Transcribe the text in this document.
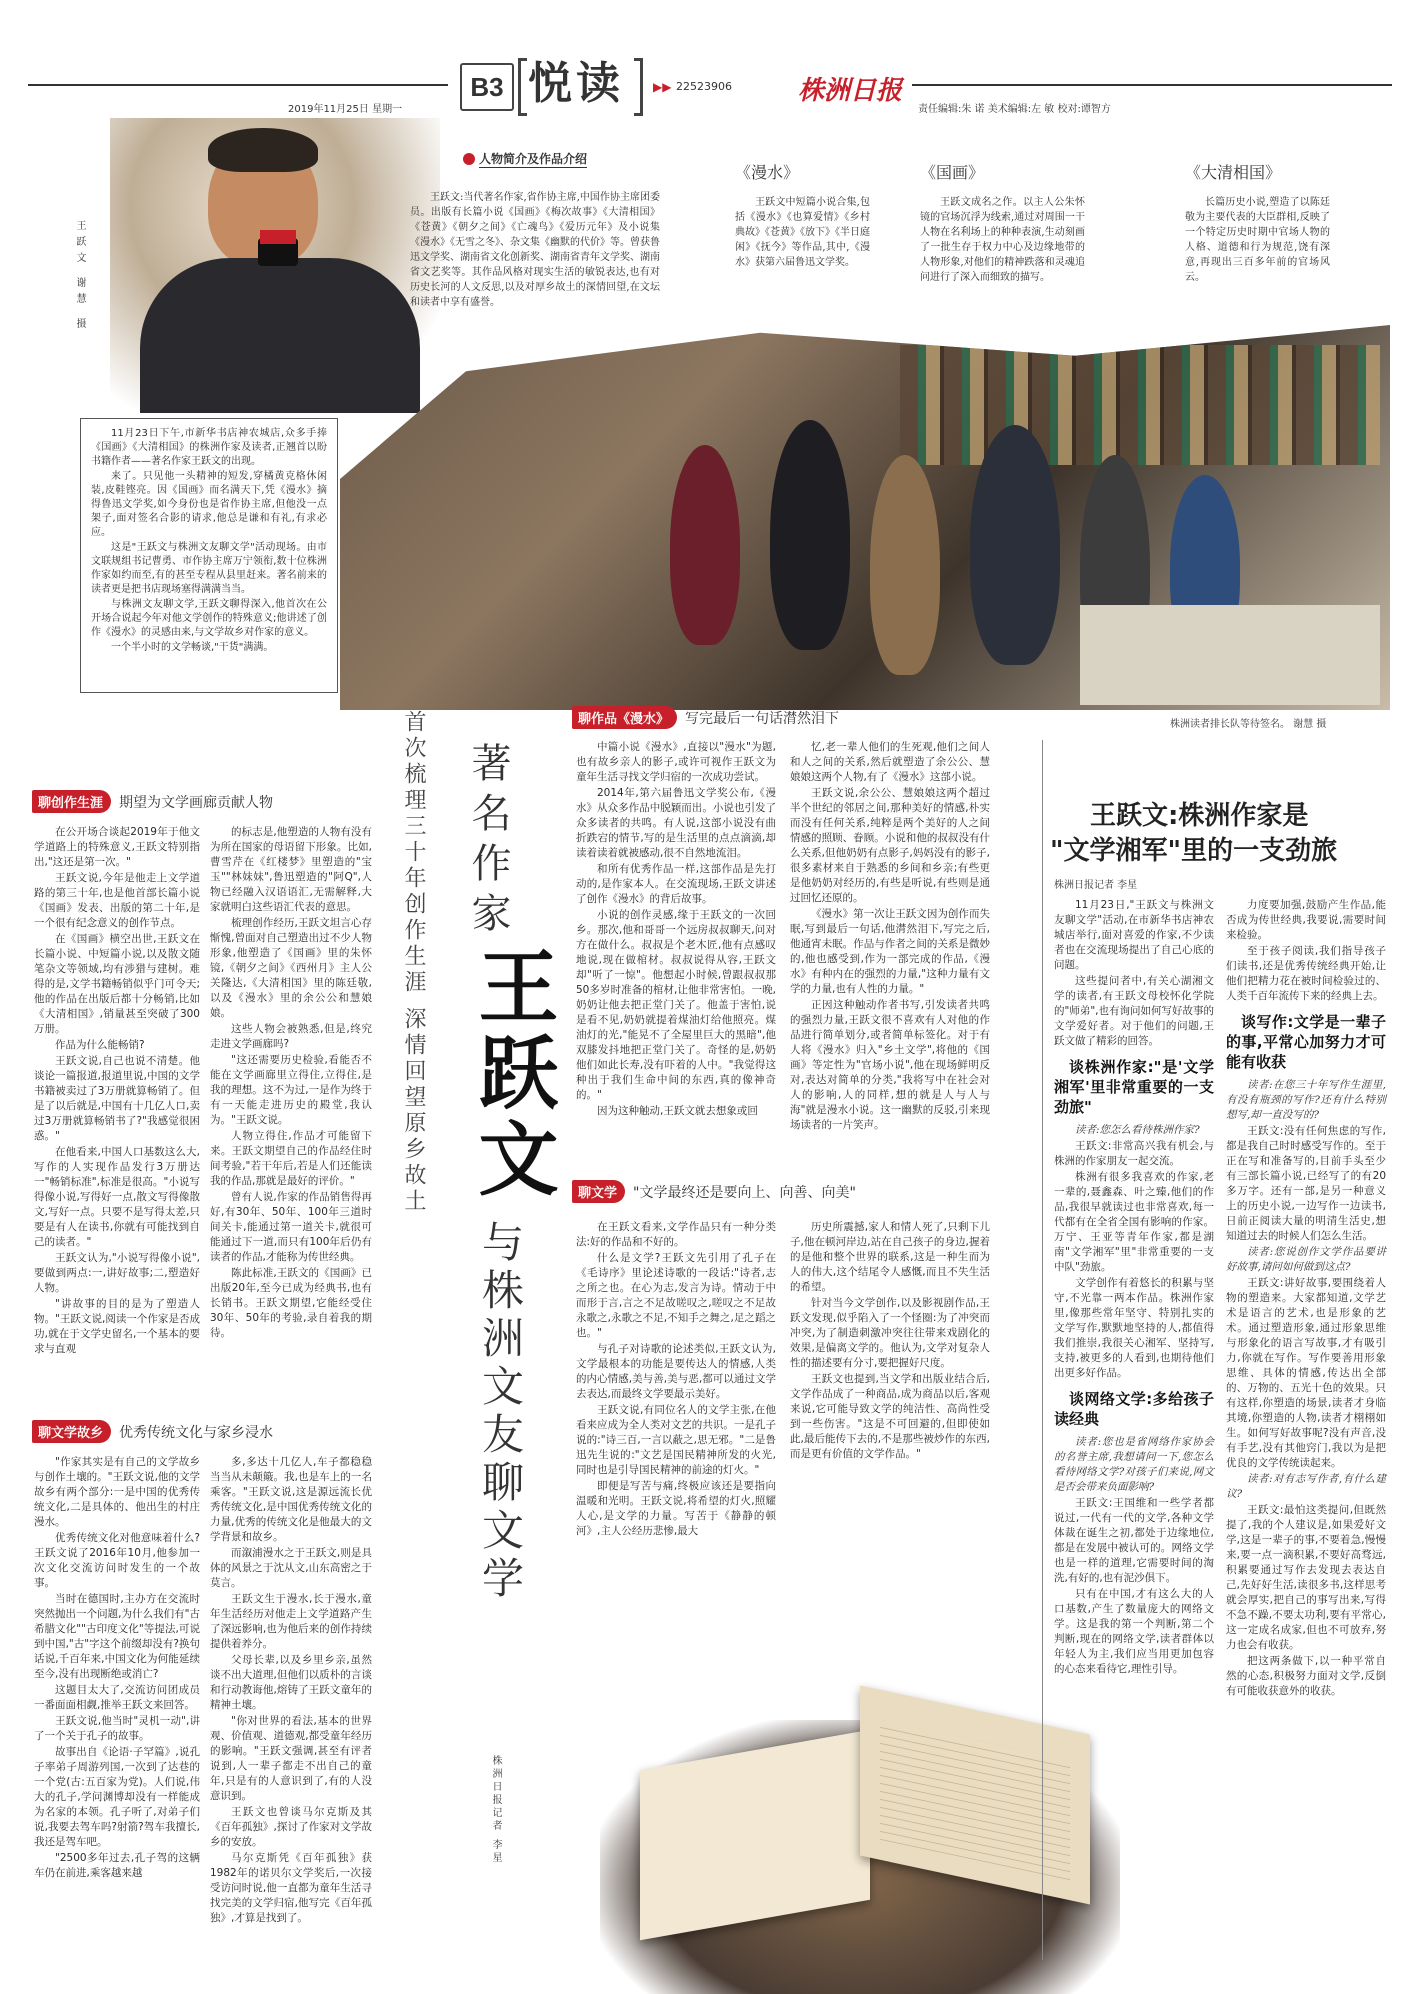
B3 悦读 ▶▶ 22523906	株洲日报
2019年11月25日 星期一	责任编辑:朱 诺 美术编辑:左 敏 校对:谭智方
王跃文 谢慧 摄
人物简介及作品介绍
王跃文:当代著名作家,省作协主席,中国作协主席团委员。出版有长篇小说《国画》《梅次故事》《大清相国》《苍黄》《朝夕之间》《亡魂鸟》《爱历元年》及小说集《漫水》《无雪之冬》、杂文集《幽默的代价》等。曾获鲁迅文学奖、湖南省文化创新奖、湖南省青年文学奖、湖南省文艺奖等。其作品风格对现实生活的敏锐表达,也有对历史长河的人文反思,以及对厚乡故土的深情回望,在文坛和读者中享有盛誉。
《漫水》
王跃文中短篇小说合集,包括《漫水》《也算爱情》《乡村典故》《苍黄》《放下》《半日庭闲》《抚今》等作品,其中,《漫水》获第六届鲁迅文学奖。
《国画》
王跃文成名之作。以主人公朱怀镜的官场沉浮为线索,通过对周围一干人物在名利场上的种种表演,生动刻画了一批生存于权力中心及边缘地带的人物形象,对他们的精神跌落和灵魂追问进行了深入而细致的描写。
《大清相国》
长篇历史小说,塑造了以陈廷敬为主要代表的大臣群相,反映了一个特定历史时期中官场人物的人格、道德和行为规范,饶有深意,再现出三百多年前的官场风云。
株洲读者排长队等待签名。 谢慧 摄

11月23日下午,市新华书店神农城店,众多手捧《国画》《大清相国》的株洲作家及读者,正翘首以盼书籍作者——著名作家王跃文的出现。

来了。只见他一头精神的短发,穿橘黄克格休闲装,皮鞋铿亮。因《国画》而名满天下,凭《漫水》摘得鲁迅文学奖,如今身份也是省作协主席,但他没一点架子,面对签名合影的请求,他总是谦和有礼,有求必应。

这是"王跃文与株洲文友聊文学"活动现场。由市文联规组书记曹勇、市作协主席万宁领衔,数十位株洲作家如约而至,有的甚至专程从县里赶来。著名前来的读者更是把书店现场塞得满满当当。

与株洲文友聊文学,王跃文聊得深入,他首次在公开场合说起今年对他文学创作的特殊意义;他讲述了创作《漫水》的灵感由来,与文学故乡对作家的意义。

一个半小时的文学畅谈,"干货"满满。

首次梳理三十年创作生涯 深情回望原乡故土 著名作家
王跃文
与株洲文友聊文学
株洲日报记者 李星
聊创作生涯	期望为文学画廊贡献人物

在公开场合谈起2019年于他文学道路上的特殊意义,王跃文特别指出,"这还是第一次。"

王跃文说,今年是他走上文学道路的第三十年,也是他首部长篇小说《国画》发表、出版的第二十年,是一个很有纪念意义的创作节点。

在《国画》横空出世,王跃文在长篇小说、中短篇小说,以及散文随笔杂文等领域,均有涉猎与建树。难得的是,文学书籍畅销似乎门可令天;他的作品在出版后都十分畅销,比如《大清相国》,销量甚至突破了300万册。

作品为什么能畅销?

王跃文说,自己也说不清楚。他谈论一篇报道,报道里说,中国的文学书籍被卖过了3万册就算畅销了。但是了以后就是,中国有十几亿人口,卖过3万册就算畅销书了?"我感觉很困惑。"

在他看来,中国人口基数这么大,写作的人实现作品发行3万册达一"畅销标准",标准是很高。"小说写得像小说,写得好一点,散文写得像散文,写好一点。只要不是写得太差,只要是有人在读书,你就有可能找到自己的读者。"

王跃文认为,"小说写得像小说",要做到两点:一,讲好故事;二,塑造好人物。

"讲故事的目的是为了塑造人物。"王跃文说,阅读一个作家是否成功,就在于文学史留名,一个基本的要求与直观

的标志是,他塑造的人物有没有为所在国家的母语留下形象。比如,曹雪芹在《红楼梦》里塑造的"宝玉""林妹妹",鲁迅塑造的"阿Q",人物已经融入汉语语汇,无需解释,大家就明白这些语汇代表的意思。

梳理创作经历,王跃文坦言心存惭愧,曾面对自己塑造出过不少人物形象,他塑造了《国画》里的朱怀镜,《朝夕之间》《西州月》主人公关隆达,《大清相国》里的陈廷敬,以及《漫水》里的余公公和慧娘娘。

这些人物会被熟悉,但是,终究走进文学画廊吗?

"这还需要历史检验,看能否不能在文学画廊里立得住,立得住,是我的理想。这不为过,一是作为终于有一天能走进历史的殿堂,我认为。"王跃文说。

人物立得住,作品才可能留下来。王跃文期望自己的作品经住时间考验,"若干年后,若是人们还能读我的作品,那就是最好的评价。"

曾有人说,作家的作品销售得再好,有30年、50年、100年三道时间关卡,能通过第一道关卡,就很可能通过下一道,而只有100年后仍有读者的作品,才能称为传世经典。

陈此标准,王跃文的《国画》已出版20年,至今已成为经典书,也有长销书。王跃文期望,它能经受住30年、50年的考验,录自着我的期待。

聊文学故乡	优秀传统文化与家乡浸水

"作家其实是有自己的文学故乡与创作土壤的。"王跃文说,他的文学故乡有两个部分:一是中国的优秀传统文化,二是具体的、他出生的村庄漫水。

优秀传统文化对他意味着什么?王跃文说了2016年10月,他参加一次文化交流访问时发生的一个故事。

当时在德国时,主办方在交流时突然抛出一个问题,为什么我们有"古希腊文化""古印度文化"等提法,可说到中国,"古"字这个前缀却没有?换句话说,千百年来,中国文化为何能延续至今,没有出现断绝或消亡?

这题目太大了,交流访问团成员一番面面相觑,推举王跃文来回答。

王跃文说,他当时"灵机一动",讲了一个关于孔子的故事。

故事出自《论语·子罕篇》,说孔子率弟子周游列国,一次到了达巷的一个党(古:五百家为党)。人们说,伟大的孔子,学问渊博却没有一样能成为名家的本领。孔子听了,对弟子们说,我要去驾车吗?射箭?驾车我擅长,我还是驾车吧。

"2500多年过去,孔子驾的这辆车仍在前进,乘客越来越

多,多达十几亿人,车子都稳稳当当从未颠簸。我,也是车上的一名乘客。"王跃文说,这是源远流长优秀传统文化,是中国优秀传统文化的力量,优秀的传统文化是他最大的文学背景和故乡。

而溆浦漫水之于王跃文,则是具体的风景之于沈从文,山东高密之于莫言。

王跃文生于漫水,长于漫水,童年生活经历对他走上文学道路产生了深远影响,也为他后来的创作持续提供着养分。

父母长辈,以及乡里乡亲,虽然谈不出大道理,但他们以质朴的言谈和行动教诲他,熔铸了王跃文童年的精神土壤。

"你对世界的看法,基本的世界观、价值观、道德观,都受童年经历的影响。"王跃文强调,甚至有评者说到,人一辈子都走不出自己的童年,只是有的人意识到了,有的人没意识到。

王跃文也曾谈马尔克斯及其《百年孤独》,探讨了作家对文学故乡的安放。

马尔克斯凭《百年孤独》获1982年的诺贝尔文学奖后,一次接受访问时说,他一直都为童年生活寻找完美的文学归宿,他写完《百年孤独》,才算是找到了。

聊作品《漫水》	写完最后一句话潸然泪下

中篇小说《漫水》,直接以"漫水"为题,也有故乡亲人的影子,或许可视作王跃文为童年生活寻找文学归宿的一次成功尝试。

2014年,第六届鲁迅文学奖公布,《漫水》从众多作品中脱颖而出。小说也引发了众多读者的共鸣。有人说,这部小说没有曲折跌宕的情节,写的是生活里的点点滴滴,却读着读着就被感动,很不自然地流泪。

和所有优秀作品一样,这部作品是先打动的,是作家本人。在交流现场,王跃文讲述了创作《漫水》的背后故事。

小说的创作灵感,缘于王跃文的一次回乡。那次,他和哥哥一个远房叔叔聊天,问对方在做什么。叔叔是个老木匠,他有点感叹地说,现在做棺材。叔叔说得从容,王跃文却"听了一惊"。他想起小时候,曾跟叔叔那50多岁时准备的棺材,让他非常害怕。一晚,奶奶让他去把正堂门关了。他盖于害怕,说是看不见,奶奶就提着煤油灯给他照亮。煤油灯的光,"能晃不了全屋里巨大的黑暗",他双膝发抖地把正堂门关了。奇怪的是,奶奶他们如此长寿,没有吓着的人中。"我觉得这种出于我们生命中间的东西,真的像神奇的。"

因为这种触动,王跃文就去想象或回

忆,老一辈人他们的生死观,他们之间人和人之间的关系,然后就塑造了余公公、慧娘娘这两个人物,有了《漫水》这部小说。

王跃文说,余公公、慧娘娘这两个超过半个世纪的邻居之间,那种美好的情感,朴实而没有任何关系,纯粹是两个美好的人之间情感的照顾、眷顾。小说和他的叔叔没有什么关系,但他奶奶有点影子,妈妈没有的影子,很多素材来自于熟悉的乡间和乡亲;有些更是他奶奶对经历的,有些是听说,有些则是通过回忆还原的。

《漫水》第一次让王跃文因为创作而失眠,写到最后一句话,他潸然泪下,写完之后,他通宵未眠。作品与作者之间的关系是微妙的,他也感受到,作为一部完成的作品,《漫水》有种内在的强烈的力量,"这种力量有文学的力量,也有人性的力量。"

正因这种触动作者书写,引发读者共鸣的强烈力量,王跃文很不喜欢有人对他的作品进行简单划分,或者简单标签化。对于有人将《漫水》归入"乡土文学",将他的《国画》等定性为"官场小说",他在现场鲜明反对,表达对简单的分类,"我将写中在社会对人的影响,人的同样,想的就是人与人与海"就是漫水小说。这一幽默的反驳,引来现场读者的一片笑声。

聊文学	"文学最终还是要向上、向善、向美"

在王跃文看来,文学作品只有一种分类法:好的作品和不好的。

什么是文学?王跃文先引用了孔子在《毛诗序》里论述诗歌的一段话:"诗者,志之所之也。在心为志,发言为诗。情动于中而形于言,言之不足故嗟叹之,嗟叹之不足故永歌之,永歌之不足,不知手之舞之,足之蹈之也。"

与孔子对诗歌的论述类似,王跃文认为,文学最根本的功能是要传达人的情感,人类的内心情感,美与善,美与恶,都可以通过文学去表达,而最终文学要最示美好。

王跃文说,有同位名人的文学主张,在他看来应成为全人类对文艺的共识。一是孔子说的:"诗三百,一言以蔽之,思无邪。"二是鲁迅先生说的:"文艺是国民精神所发的火光,同时也是引导国民精神的前途的灯火。"

即便是写苦与痛,终极应该还是要指向温暖和光明。王跃文说,将希望的灯火,照耀人心,是文学的力量。写苦于《静静的顿河》,主人公经历悲惨,最大

历史所震撼,家人和情人死了,只剩下儿子,他在顿河岸边,站在自己孩子的身边,握着的是他和整个世界的联系,这是一种生而为人的伟大,这个结尾令人感慨,而且不失生活的希望。

针对当今文学创作,以及影视剧作品,王跃文发现,似乎陷入了一个怪圈:为了冲突而冲突,为了制造刺激冲突往往带来戏剧化的效果,是偏离文学的。他认为,文学对复杂人性的描述要有分寸,要把握好尺度。

王跃文也提到,当文学和出版业结合后,文学作品成了一种商品,成为商品以后,客观来说,它可能导致文学的纯洁性、高尚性受到一些伤害。"这是不可回避的,但即使如此,最后能传下去的,不是那些被炒作的东西,而是更有价值的文学作品。"

王跃文:株洲作家是
"文学湘军"里的一支劲旅
株洲日报记者 李星

11月23日,"王跃文与株洲文友聊文学"活动,在市新华书店神农城店举行,面对喜爱的作家,不少读者也在交流现场提出了自己心底的问题。

这些提问者中,有关心湖湘文学的读者,有王跃文母校怀化学院的"师弟",也有询问如何写好故事的文学爱好者。对于他们的问题,王跃文做了精彩的回答。

谈株洲作家:"是'文学湘军'里非常重要的一支劲旅"

读者:您怎么看待株洲作家?

王跃文:非常高兴我有机会,与株洲的作家朋友一起交流。

株洲有很多我喜欢的作家,老一辈的,聂鑫森、叶之臻,他们的作品,我很早就读过也非常喜欢,每一代都有在全省全国有影响的作家。万宁、王亚等青年作家,都是湖南"文学湘军"里"非常重要的一支中队"劲旅。

文学创作有着悠长的积累与坚守,不光靠一两本作品。株洲作家里,像那些常年坚守、特别扎实的文学写作,默默地坚持的人,都值得我们推崇,我很关心湘军、坚持写,支持,被更多的人看到,也期待他们出更多好作品。

谈网络文学:多给孩子读经典

读者:您也是省网络作家协会的名誉主席,我想请问一下,您怎么看待网络文学?对孩子们来说,网文是否会带来负面影响?

王跃文:王国维和一些学者都说过,一代有一代的文学,各种文学体裁在诞生之初,都处于边缘地位,都是在发展中被认可的。网络文学也是一样的道理,它需要时间的淘洗,有好的,也有泥沙俱下。

只有在中国,才有这么大的人口基数,产生了数量庞大的网络文学。这是我的第一个判断,第二个判断,现在的网络文学,读者群体以年轻人为主,我们应当用更加包容的心态来看待它,理性引导。

力度要加强,鼓励产生作品,能否成为传世经典,我要说,需要时间来检验。

至于孩子阅读,我们指导孩子们读书,还是优秀传统经典开始,让他们把精力花在被时间检验过的、人类千百年流传下来的经典上去。

谈写作:文学是一辈子的事,平常心加努力才可能有收获

读者:在您三十年写作生涯里,有没有瓶颈的写作?还有什么特别想写,却一直没写的?

王跃文:没有任何焦虑的写作,都是我自己时时感受写作的。至于正在写和准备写的,目前手头至少有三部长篇小说,已经写了的有20多万字。还有一部,是另一种意义上的历史小说,一边写作一边读书,日前正阅读大量的明清生活史,想知道过去的时候人们怎么生活。

读者:您说创作文学作品要讲好故事,请问如何做到这点?

王跃文:讲好故事,要围绕着人物的塑造来。大家都知道,文学艺术是语言的艺术,也是形象的艺术。通过塑造形象,通过形象思维与形象化的语言写故事,才有吸引力,你就在写作。写作要善用形象思维、具体的情感,传达出全部的、万物的、五光十色的效果。只有这样,你塑造的场景,读者才身临其境,你塑造的人物,读者才栩栩如生。如何写好故事呢?没有声音,没有手艺,没有其他窍门,我以为是把优良的文学传统读起来。

读者:对有志写作者,有什么建议?

王跃文:最怕这类提问,但既然提了,我的个人建议是,如果爱好文学,这是一辈子的事,不要着急,慢慢来,要一点一滴积累,不要好高骛远,积累要通过写作去发现去表达自己,先好好生活,读很多书,这样思考就会厚实,把自己的事写出来,写得不急不躁,不要太功利,要有平常心,这一定成名成家,但也不可放弃,努力也会有收获。

把这两条做下,以一种平常自然的心态,积极努力面对文学,反倒有可能收获意外的收获。
